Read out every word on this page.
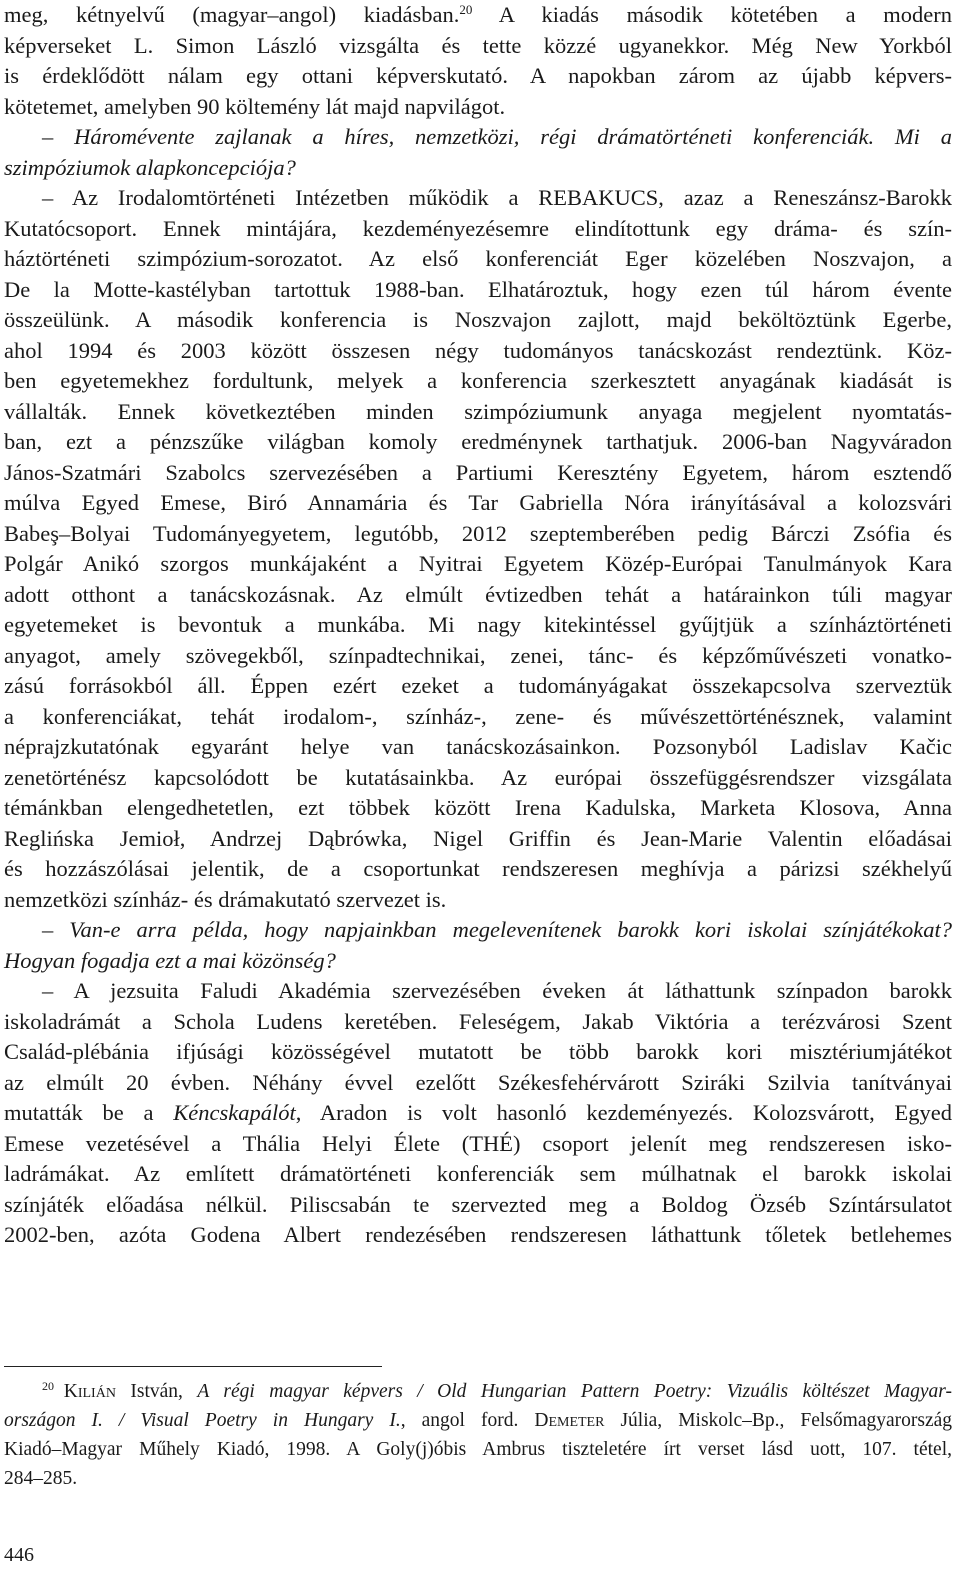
meg, kétnyelvű (magyar–angol) kiadásban.$^{20}$ A kiadás második kötetében a modern
képverseket L. Simon László vizsgálta és tette közzé ugyanekkor. Még New Yorkból
is érdeklődött nálam egy ottani képverskutató. A napokban zárom az újabb képvers-
kötetemet, amelyben 90 költemény lát majd napvilágot.
– Háromévente zajlanak a híres, nemzetközi, régi drámatörténeti konferenciák. Mi a
szimpóziumok alapkoncepciója?
– Az Irodalomtörténeti Intézetben működik a REBAKUCS, azaz a Reneszánsz-Barokk
Kutatócsoport. Ennek mintájára, kezdeményezésemre elindítottunk egy dráma- és szín-
háztörténeti szimpózium-sorozatot. Az első konferenciát Eger közelében Noszvajon, a
De la Motte-kastélyban tartottuk 1988-ban. Elhatároztuk, hogy ezen túl három évente
összeülünk. A második konferencia is Noszvajon zajlott, majd beköltöztünk Egerbe,
ahol 1994 és 2003 között összesen négy tudományos tanácskozást rendeztünk. Köz-
ben egyetemekhez fordultunk, melyek a konferencia szerkesztett anyagának kiadását is
vállalták. Ennek következtében minden szimpóziumunk anyaga megjelent nyomtatás-
ban, ezt a pénzszűke világban komoly eredménynek tarthatjuk. 2006-ban Nagyváradon
János-Szatmári Szabolcs szervezésében a Partiumi Keresztény Egyetem, három esztendő
múlva Egyed Emese, Biró Annamária és Tar Gabriella Nóra irányításával a kolozsvári
Babeş–Bolyai Tudományegyetem, legutóbb, 2012 szeptemberében pedig Bárczi Zsófia és
Polgár Anikó szorgos munkájaként a Nyitrai Egyetem Közép-Európai Tanulmányok Kara
adott otthont a tanácskozásnak. Az elmúlt évtizedben tehát a határainkon túli magyar
egyetemeket is bevontuk a munkába. Mi nagy kitekintéssel gyűjtjük a színháztörténeti
anyagot, amely szövegekből, színpadtechnikai, zenei, tánc- és képzőművészeti vonatko-
zású forrásokból áll. Éppen ezért ezeket a tudományágakat összekapcsolva szerveztük
a konferenciákat, tehát irodalom-, színház-, zene- és művészettörténésznek, valamint
néprajzkutatónak egyaránt helye van tanácskozásainkon. Pozsonyból Ladislav Kačic
zenetörténész kapcsolódott be kutatásainkba. Az európai összefüggésrendszer vizsgálata
témánkban elengedhetetlen, ezt többek között Irena Kadulska, Marketa Klosova, Anna
Reglińska Jemioł, Andrzej Dąbrówka, Nigel Griffin és Jean-Marie Valentin előadásai
és hozzászólásai jelentik, de a csoportunkat rendszeresen meghívja a párizsi székhelyű
nemzetközi színház- és drámakutató szervezet is.
– Van-e arra példa, hogy napjainkban megelevenítenek barokk kori iskolai színjátékokat?
Hogyan fogadja ezt a mai közönség?
– A jezsuita Faludi Akadémia szervezésében éveken át láthattunk színpadon barokk
iskoladrámát a Schola Ludens keretében. Feleségem, Jakab Viktória a terézvárosi Szent
Család-plébánia ifjúsági közösségével mutatott be több barokk kori misztériumjátékot
az elmúlt 20 évben. Néhány évvel ezelőtt Székesfehérvárott Sziráki Szilvia tanítványai
mutatták be a Kéncskapálót, Aradon is volt hasonló kezdeményezés. Kolozsvárott, Egyed
Emese vezetésével a Thália Helyi Élete (THÉ) csoport jelenít meg rendszeresen isko-
ladrámákat. Az említett drámatörténeti konferenciák sem múlhatnak el barokk iskolai
színjáték előadása nélkül. Piliscsabán te szervezted meg a Boldog Özséb Színtársulatot
2002-ben, azóta Godena Albert rendezésében rendszeresen láthattunk tőletek betlehemes
$^{20}$  Kilián István, A régi magyar képvers / Old Hungarian Pattern Poetry: Vizuális költészet Magyar-
országon I. / Visual Poetry in Hungary I., angol ford. Demeter Júlia, Miskolc–Bp., Felsőmagyarország
Kiadó–Magyar Műhely Kiadó, 1998. A Goly(j)óbis Ambrus tiszteletére írt verset lásd uott, 107. tétel,
284–285.
446
